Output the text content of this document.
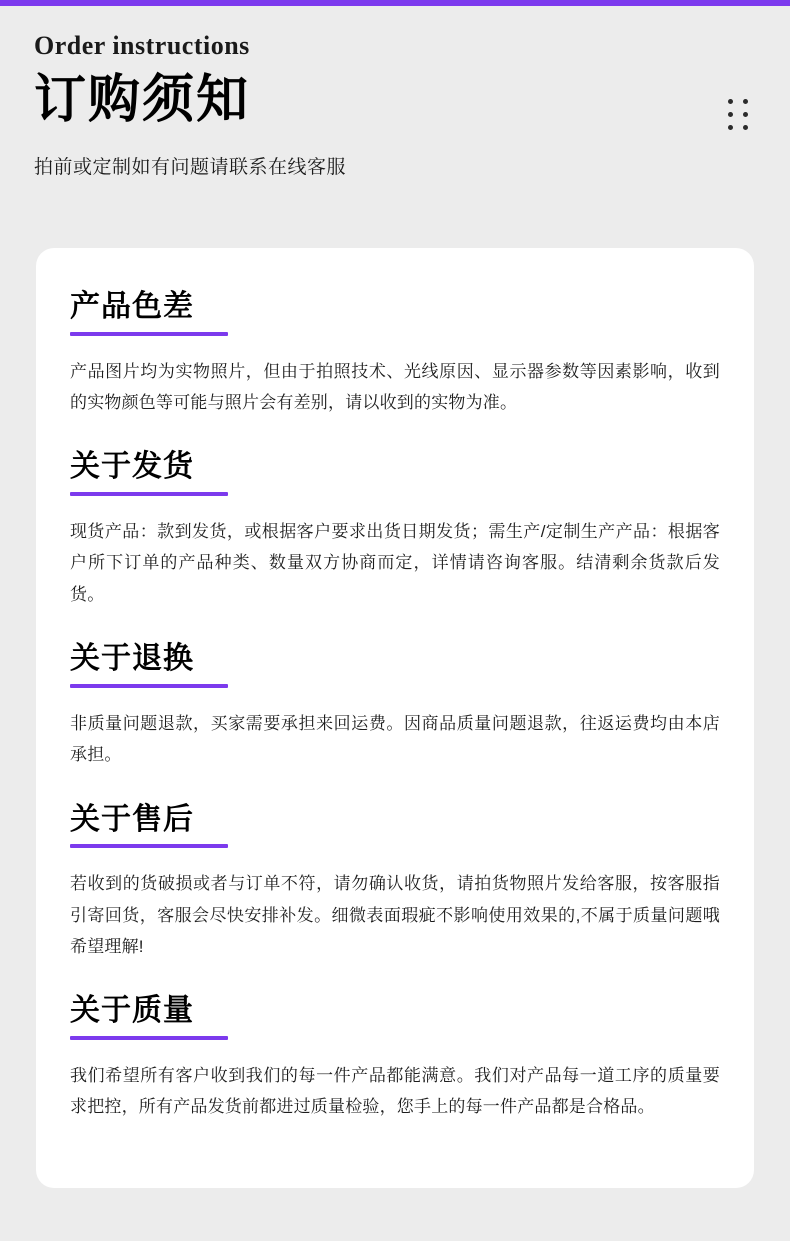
Order instructions

订购须知

拍前或定制如有问题请联系在线客服

产品色差

产品图片均为实物照片，但由于拍照技术、光线原因、显示器参数等因素影响，收到的实物颜色等可能与照片会有差别，请以收到的实物为准。

关于发货

现货产品：款到发货，或根据客户要求出货日期发货；需生产/定制生产产品：根据客户所下订单的产品种类、数量双方协商而定，详情请咨询客服。结清剩余货款后发货。

关于退换

非质量问题退款，买家需要承担来回运费。因商品质量问题退款，往返运费均由本店承担。

关于售后

若收到的货破损或者与订单不符，请勿确认收货，请拍货物照片发给客服，按客服指引寄回货，客服会尽快安排补发。细微表面瑕疵不影响使用效果的,不属于质量问题哦希望理解!

关于质量

我们希望所有客户收到我们的每一件产品都能满意。我们对产品每一道工序的质量要求把控，所有产品发货前都进过质量检验，您手上的每一件产品都是合格品。
